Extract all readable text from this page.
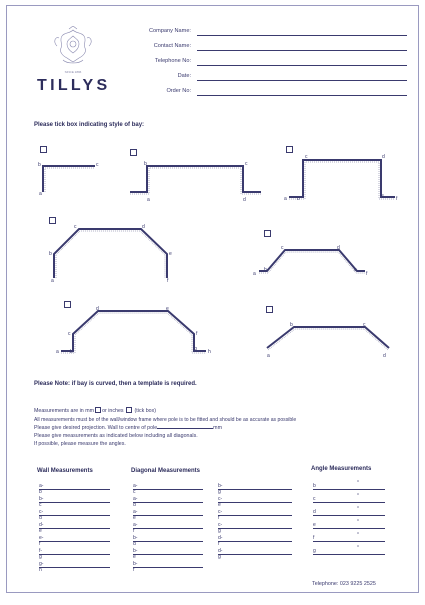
SINCE 1896
TILLYS
Company Name:
Contact Name:
Telephone No:
Date:
Order No:
Please tick box indicating style of bay:
b	c
a
b	c
a	d
c	d
a b	e f
c	d
b	e
a	f
c	d
b	e
a	f
d	e
c	f
a b	g h
b	c
a	d
Please Note: if bay is curved, then a template is required.
Measurements are in mm or inches (tick box)
All measurements must be of the wall/window frame where pole is to be fitted and should be as accurate as possible
Please give desired projection. Wall to centre of pole	mm
Please give measurements as indicated below including all diagonals.
If possible, please measure the angles.
Wall Measurements	Diagonal Measurements	Angle Measurements
a-b
b-c
c-d
d-e
e-f
f-g
g-h
a-c
a-d
a-e
a-f
b-d
b-e
b-f
b-g
c-e
c-f
c-g
d-f
d-g
b	°
c	°
d	°
e	°
f	°
g	°
Telephone: 023 9225 2525
